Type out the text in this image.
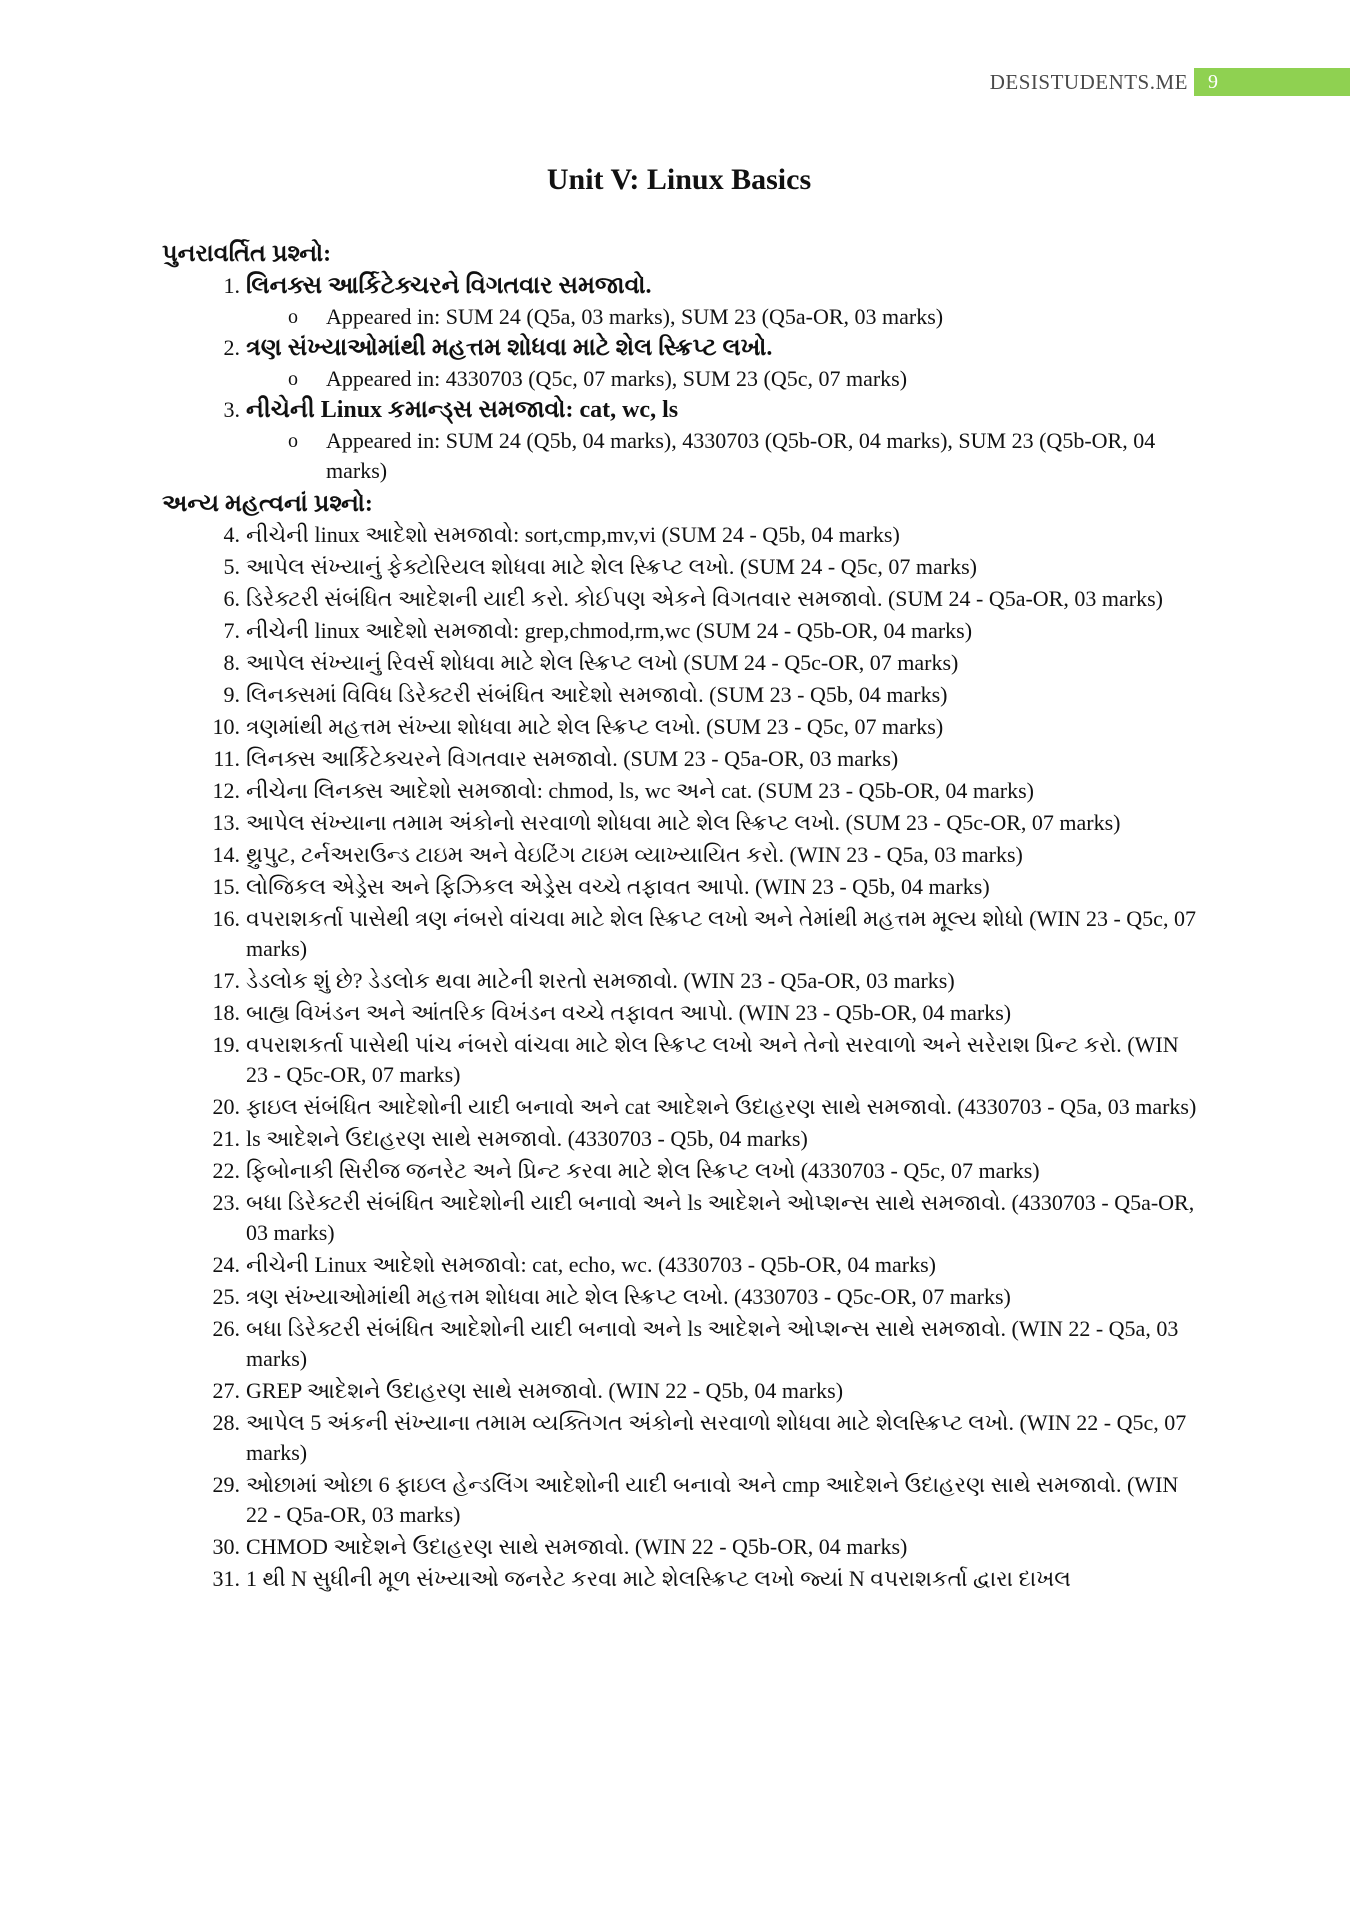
DESISTUDENTS.ME	9
Unit V: Linux Basics
પુનરાવર્તિત પ્રશ્નો:
1. લિનક્સ આર્કિટેક્ચરને વિગતવાર સમજાવો.
o Appeared in: SUM 24 (Q5a, 03 marks), SUM 23 (Q5a-OR, 03 marks)
2. ત્રણ સંખ્યાઓમાંથી મહત્તમ શોધવા માટે શેલ સ્ક્રિપ્ટ લખો.
o Appeared in: 4330703 (Q5c, 07 marks), SUM 23 (Q5c, 07 marks)
3. નીચેની Linux કમાન્ડ્સ સમજાવો: cat, wc, ls
o Appeared in: SUM 24 (Q5b, 04 marks), 4330703 (Q5b-OR, 04 marks), SUM 23 (Q5b-OR, 04 marks)
અન્ય મહત્વનાં પ્રશ્નો:
4. નીચેની linux આદેશો સમજાવો: sort,cmp,mv,vi (SUM 24 - Q5b, 04 marks)
5. આપેલ સંખ્યાનું ફેક્ટોરિયલ શોધવા માટે શેલ સ્ક્રિપ્ટ લખો. (SUM 24 - Q5c, 07 marks)
6. ડિરેક્ટરી સંબંધિત આદેશની યાદી કરો. કોઈપણ એકને વિગતવાર સમજાવો. (SUM 24 - Q5a-OR, 03 marks)
7. નીચેની linux આદેશો સમજાવો: grep,chmod,rm,wc (SUM 24 - Q5b-OR, 04 marks)
8. આપેલ સંખ્યાનું રિવર્સ શોધવા માટે શેલ સ્ક્રિપ્ટ લખો (SUM 24 - Q5c-OR, 07 marks)
9. લિનક્સમાં વિવિધ ડિરેક્ટરી સંબંધિત આદેશો સમજાવો. (SUM 23 - Q5b, 04 marks)
10. ત્રણમાંથી મહત્તમ સંખ્યા શોધવા માટે શેલ સ્ક્રિપ્ટ લખો. (SUM 23 - Q5c, 07 marks)
11. લિનક્સ આર્કિટેક્ચરને વિગતવાર સમજાવો. (SUM 23 - Q5a-OR, 03 marks)
12. નીચેના લિનક્સ આદેશો સમજાવો: chmod, ls, wc અને cat. (SUM 23 - Q5b-OR, 04 marks)
13. આપેલ સંખ્યાના તમામ અંકોનો સરવાળો શોધવા માટે શેલ સ્ક્રિપ્ટ લખો. (SUM 23 - Q5c-OR, 07 marks)
14. થ્રુપુટ, ટર્નઅરાઉન્ડ ટાઇમ અને વેઇટિંગ ટાઇમ વ્યાખ્યાયિત કરો. (WIN 23 - Q5a, 03 marks)
15. લોજિકલ એડ્રેસ અને ફિઝિકલ એડ્રેસ વચ્ચે તફાવત આપો. (WIN 23 - Q5b, 04 marks)
16. વપરાશકર્તા પાસેથી ત્રણ નંબરો વાંચવા માટે શેલ સ્ક્રિપ્ટ લખો અને તેમાંથી મહત્તમ મૂલ્ય શોધો (WIN 23 - Q5c, 07 marks)
17. ડેડલોક શું છે? ડેડલોક થવા માટેની શરતો સમજાવો. (WIN 23 - Q5a-OR, 03 marks)
18. બાહ્ય વિખંડન અને આંતરિક વિખંડન વચ્ચે તફાવત આપો. (WIN 23 - Q5b-OR, 04 marks)
19. વપરાશકર્તા પાસેથી પાંચ નંબરો વાંચવા માટે શેલ સ્ક્રિપ્ટ લખો અને તેનો સરવાળો અને સરેરાશ પ્રિન્ટ કરો. (WIN 23 - Q5c-OR, 07 marks)
20. ફાઇલ સંબંધિત આદેશોની યાદી બનાવો અને cat આદેશને ઉદાહરણ સાથે સમજાવો. (4330703 - Q5a, 03 marks)
21. ls આદેશને ઉદાહરણ સાથે સમજાવો. (4330703 - Q5b, 04 marks)
22. ફિબોનાકી સિરીજ જનરેટ અને પ્રિન્ટ કરવા માટે શેલ સ્ક્રિપ્ટ લખો (4330703 - Q5c, 07 marks)
23. બધા ડિરેક્ટરી સંબંધિત આદેશોની યાદી બનાવો અને ls આદેશને ઓપ્શન્સ સાથે સમજાવો. (4330703 - Q5a-OR, 03 marks)
24. નીચેની Linux આદેશો સમજાવો: cat, echo, wc. (4330703 - Q5b-OR, 04 marks)
25. ત્રણ સંખ્યાઓમાંથી મહત્તમ શોધવા માટે શેલ સ્ક્રિપ્ટ લખો. (4330703 - Q5c-OR, 07 marks)
26. બધા ડિરેક્ટરી સંબંધિત આદેશોની યાદી બનાવો અને ls આદેશને ઓપ્શન્સ સાથે સમજાવો. (WIN 22 - Q5a, 03 marks)
27. GREP આદેશને ઉદાહરણ સાથે સમજાવો. (WIN 22 - Q5b, 04 marks)
28. આપેલ 5 અંકની સંખ્યાના તમામ વ્યક્તિગત અંકોનો સરવાળો શોધવા માટે શેલસ્ક્રિપ્ટ લખો. (WIN 22 - Q5c, 07 marks)
29. ઓછામાં ઓછા 6 ફાઇલ હેન્ડલિંગ આદેશોની યાદી બનાવો અને cmp આદેશને ઉદાહરણ સાથે સમજાવો. (WIN 22 - Q5a-OR, 03 marks)
30. CHMOD આદેશને ઉદાહરણ સાથે સમજાવો. (WIN 22 - Q5b-OR, 04 marks)
31. 1 થી N સુધીની મૂળ સંખ્યાઓ જનરેટ કરવા માટે શેલસ્ક્રિપ્ટ લખો જ્યાં N વપરાશકર્તા દ્વારા દાખલ
